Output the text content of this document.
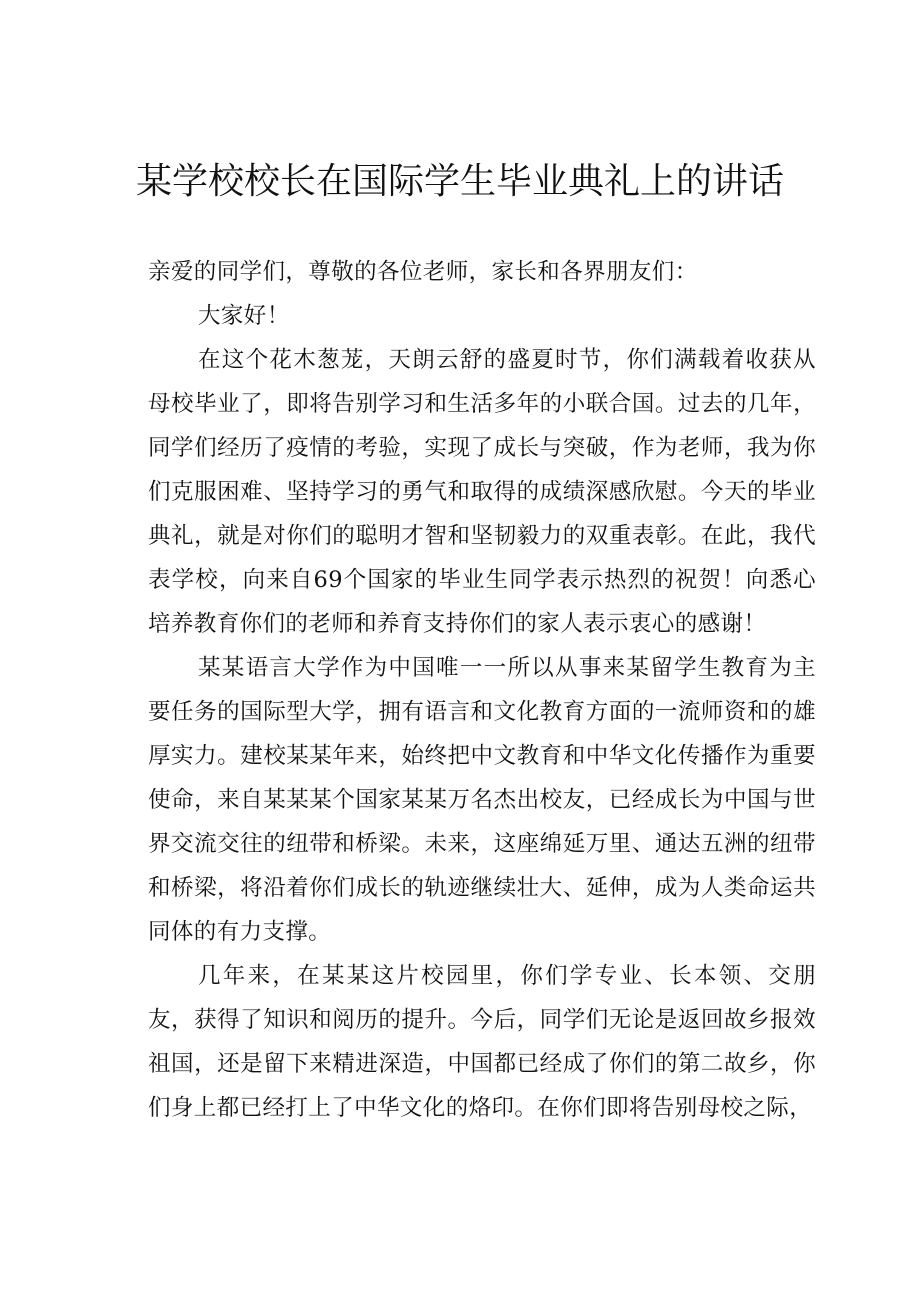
某学校校长在国际学生毕业典礼上的讲话

亲爱的同学们，尊敬的各位老师，家长和各界朋友们：

大家好！

在这个花木葱茏，天朗云舒的盛夏时节，你们满载着收获从母校毕业了，即将告别学习和生活多年的小联合国。过去的几年，同学们经历了疫情的考验，实现了成长与突破，作为老师，我为你们克服困难、坚持学习的勇气和取得的成绩深感欣慰。今天的毕业典礼，就是对你们的聪明才智和坚韧毅力的双重表彰。在此，我代表学校，向来自69个国家的毕业生同学表示热烈的祝贺！向悉心培养教育你们的老师和养育支持你们的家人表示衷心的感谢！

某某语言大学作为中国唯一一所以从事来某留学生教育为主要任务的国际型大学，拥有语言和文化教育方面的一流师资和的雄厚实力。建校某某年来，始终把中文教育和中华文化传播作为重要使命，来自某某某个国家某某万名杰出校友，已经成长为中国与世界交流交往的纽带和桥梁。未来，这座绵延万里、通达五洲的纽带和桥梁，将沿着你们成长的轨迹继续壮大、延伸，成为人类命运共同体的有力支撑。

几年来，在某某这片校园里，你们学专业、长本领、交朋友，获得了知识和阅历的提升。今后，同学们无论是返回故乡报效祖国，还是留下来精进深造，中国都已经成了你们的第二故乡，你们身上都已经打上了中华文化的烙印。在你们即将告别母校之际，
